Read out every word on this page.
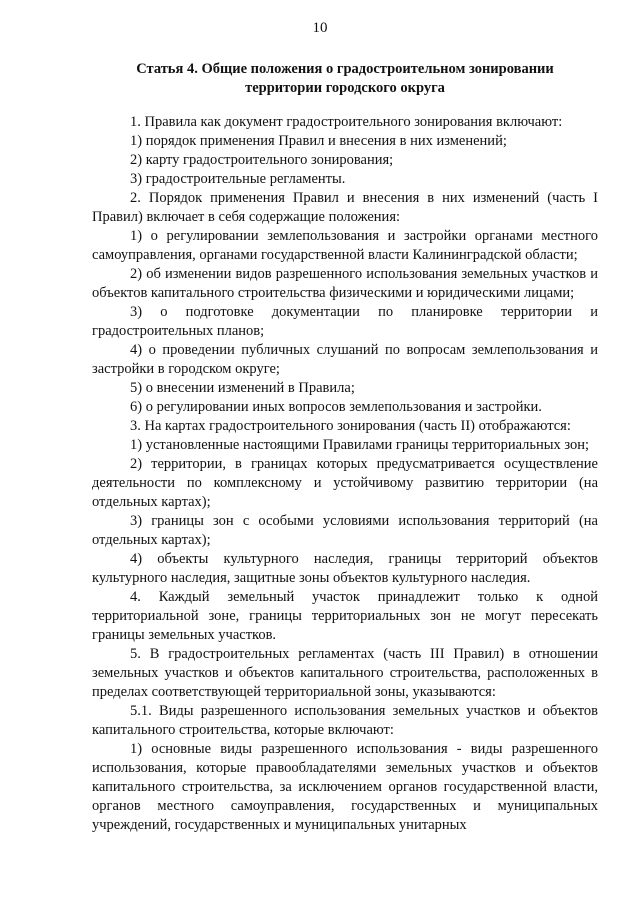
10
Статья 4. Общие положения о градостроительном зонировании
территории городского округа

1. Правила как документ градостроительного зонирования включают:

1) порядок применения Правил и внесения в них изменений;

2) карту градостроительного зонирования;

3) градостроительные регламенты.

2. Порядок применения Правил и внесения в них изменений (часть I Правил) включает в себя содержащие положения:

1) о регулировании землепользования и застройки органами местного самоуправления, органами государственной власти Калининградской области;

2) об изменении видов разрешенного использования земельных участков и объектов капитального строительства физическими и юридическими лицами;

3) о подготовке документации по планировке территории и градостроительных планов;

4) о проведении публичных слушаний по вопросам землепользования и застройки в городском округе;

5) о внесении изменений в Правила;

6) о регулировании иных вопросов землепользования и застройки.

3. На картах градостроительного зонирования (часть II) отображаются:

1) установленные настоящими Правилами границы территориальных зон;

2) территории, в границах которых предусматривается осуществление деятельности по комплексному и устойчивому развитию территории (на отдельных картах);

3) границы зон с особыми условиями использования территорий (на отдельных картах);

4) объекты культурного наследия, границы территорий объектов культурного наследия, защитные зоны объектов культурного наследия.

4. Каждый земельный участок принадлежит только к одной территориальной зоне, границы территориальных зон не могут пересекать границы земельных участков.

5. В градостроительных регламентах (часть III Правил) в отношении земельных участков и объектов капитального строительства, расположенных в пределах соответствующей территориальной зоны, указываются:

5.1. Виды разрешенного использования земельных участков и объектов капитального строительства, которые включают:

1) основные виды разрешенного использования - виды разрешенного использования, которые правообладателями земельных участков и объектов капитального строительства, за исключением органов государственной власти, органов местного самоуправления, государственных и муниципальных учреждений, государственных и муниципальных унитарных
